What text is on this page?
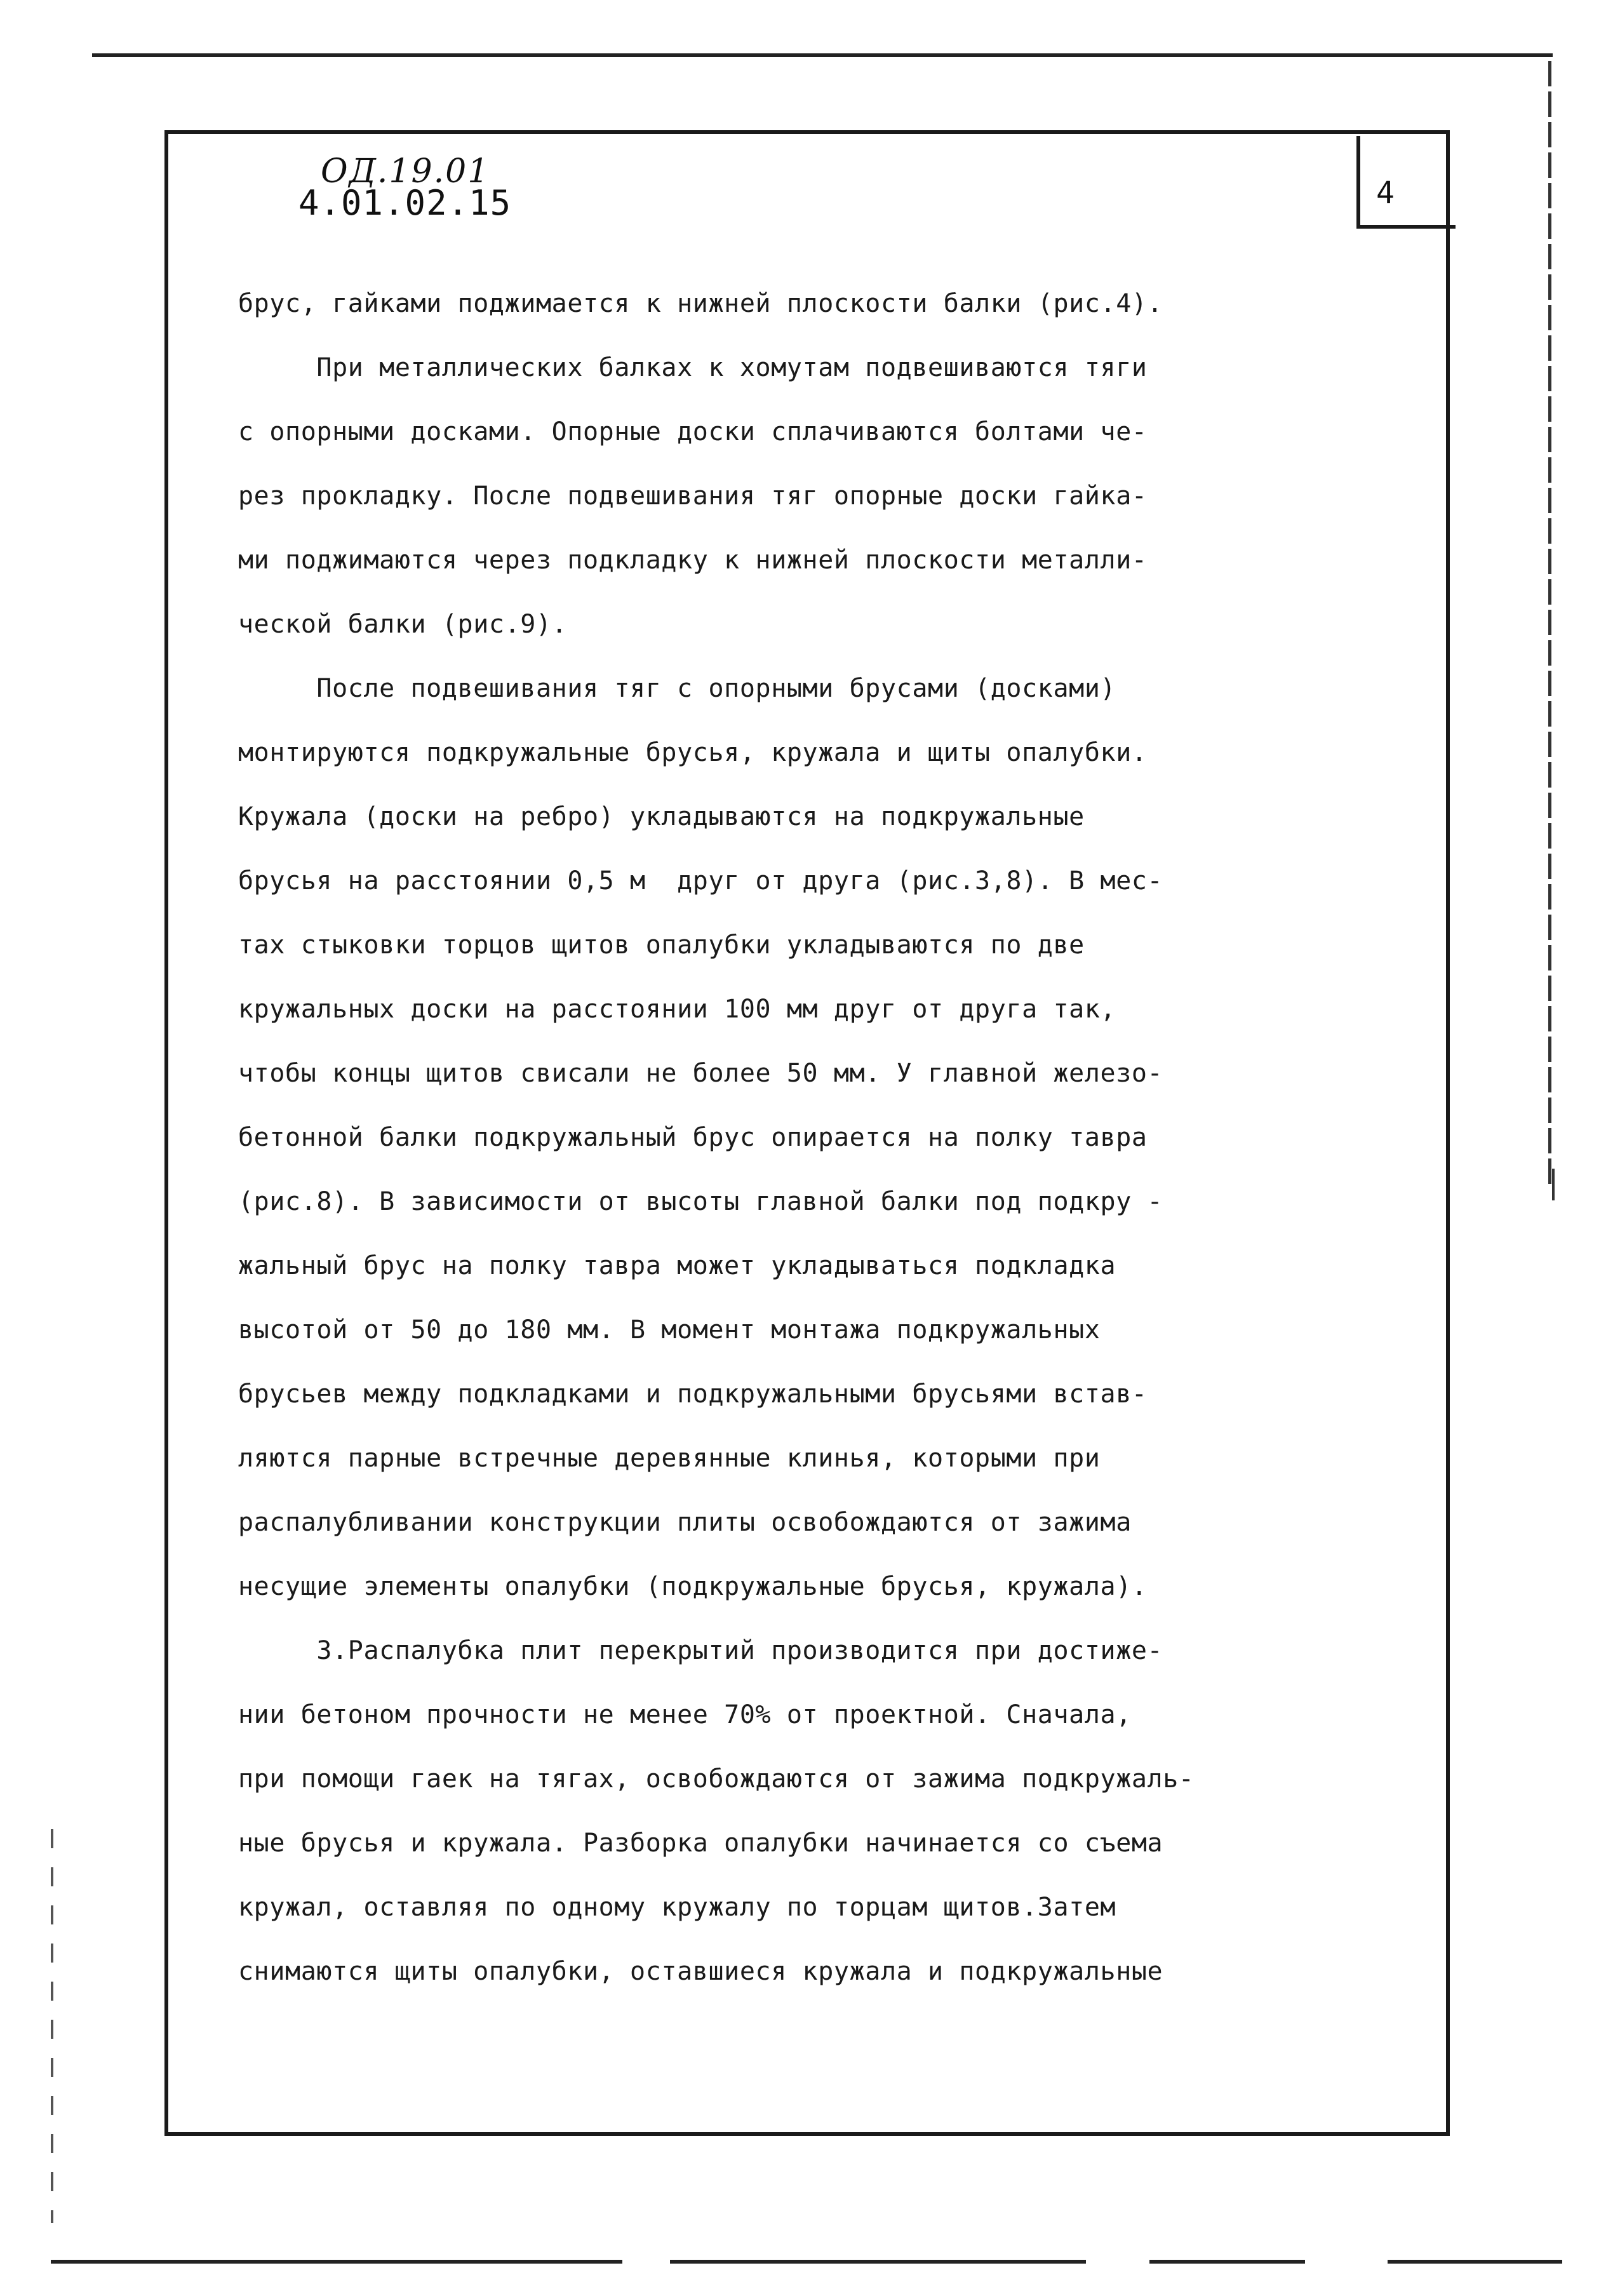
ОД.19.01
4.01.02.15	4
брус, гайками поджимается к нижней плоскости балки (рис.4).
При металлических балках к хомутам подвешиваются тяги
с опорными досками. Опорные доски сплачиваются болтами че-
рез прокладку. После подвешивания тяг опорные доски гайка-
ми поджимаются через подкладку к нижней плоскости металли-
ческой балки (рис.9).
После подвешивания тяг с опорными брусами (досками)
монтируются подкружальные брусья, кружала и щиты опалубки.
Кружала (доски на ребро) укладываются на подкружальные
брусья на расстоянии 0,5 м  друг от друга (рис.3,8). В мес-
тах стыковки торцов щитов опалубки укладываются по две
кружальных доски на расстоянии 100 мм друг от друга так,
чтобы концы щитов свисали не более 50 мм. У главной железо-
бетонной балки подкружальный брус опирается на полку тавра
(рис.8). В зависимости от высоты главной балки под подкру -
жальный брус на полку тавра может укладываться подкладка
высотой от 50 до 180 мм. В момент монтажа подкружальных
брусьев между подкладками и подкружальными брусьями встав-
ляются парные встречные деревянные клинья, которыми при
распалубливании конструкции плиты освобождаются от зажима
несущие элементы опалубки (подкружальные брусья, кружала).
3.Распалубка плит перекрытий производится при достиже-
нии бетоном прочности не менее 70% от проектной. Сначала,
при помощи гаек на тягах, освобождаются от зажима подкружаль-
ные брусья и кружала. Разборка опалубки начинается со съема
кружал, оставляя по одному кружалу по торцам щитов.Затем
снимаются щиты опалубки, оставшиеся кружала и подкружальные
